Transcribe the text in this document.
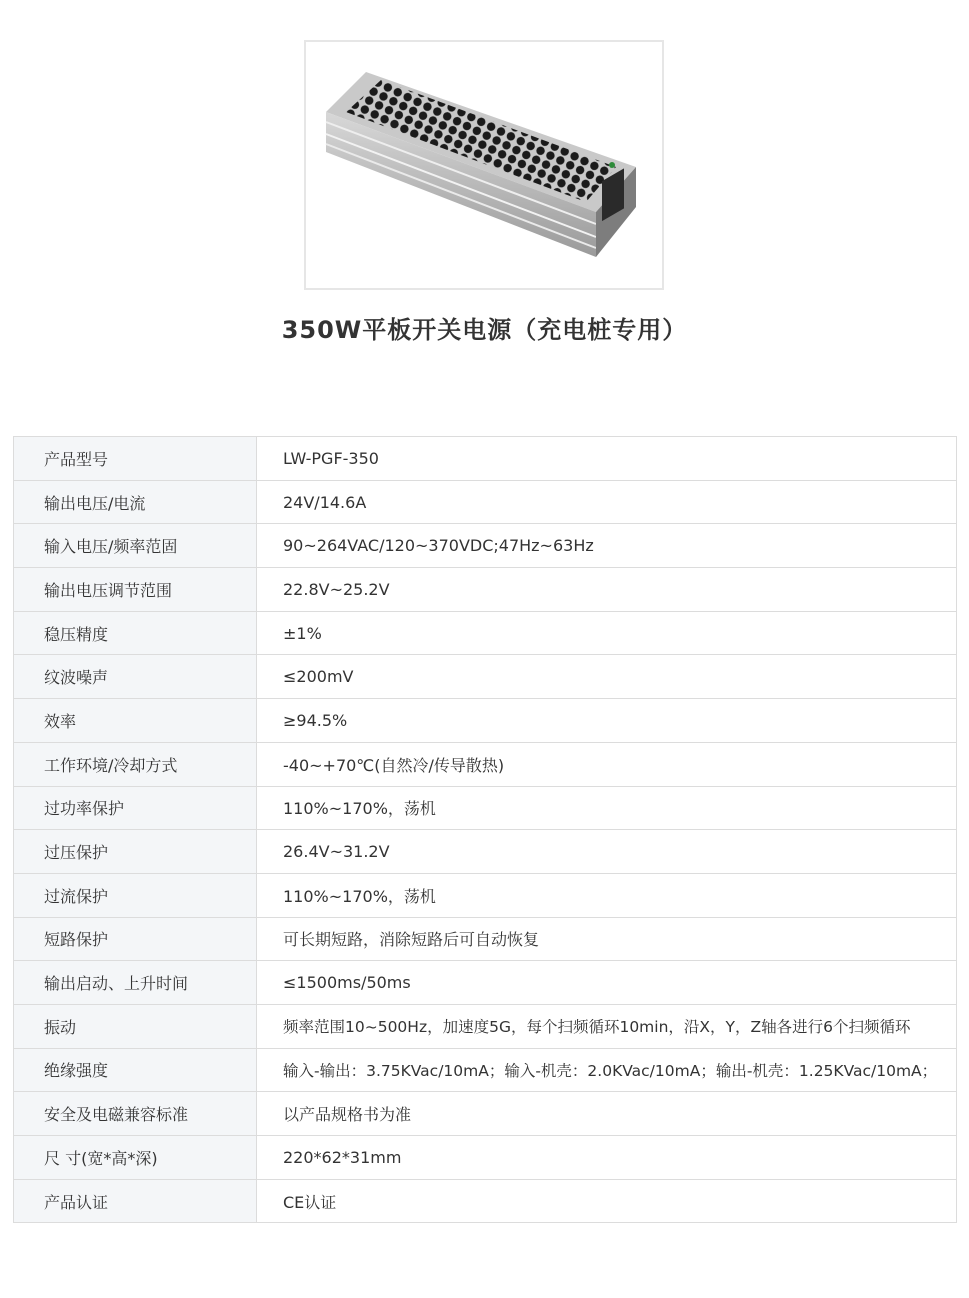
350W平板开关电源（充电桩专用）
产品型号	LW-PGF-350
输出电压/电流	24V/14.6A
输入电压/频率范固	90~264VAC/120~370VDC;47Hz~63Hz
输出电压调节范围	22.8V~25.2V
稳压精度	±1%
纹波噪声	≤200mV
效率	≥94.5%
工作环境/冷却方式	-40~+70℃(自然冷/传导散热)
过功率保护	110%~170%，荡机
过压保护	26.4V~31.2V
过流保护	110%~170%，荡机
短路保护	可长期短路，消除短路后可自动恢复
输出启动、上升时间	≤1500ms/50ms
振动	频率范围10~500Hz，加速度5G，每个扫频循环10min，沿X，Y，Z轴各进行6个扫频循环
绝缘强度	输入-输出：3.75KVac/10mA；输入-机壳：2.0KVac/10mA；输出-机壳：1.25KVac/10mA；
安全及电磁兼容标准	以产品规格书为准
尺 寸(宽*高*深)	220*62*31mm
产品认证	CE认证
